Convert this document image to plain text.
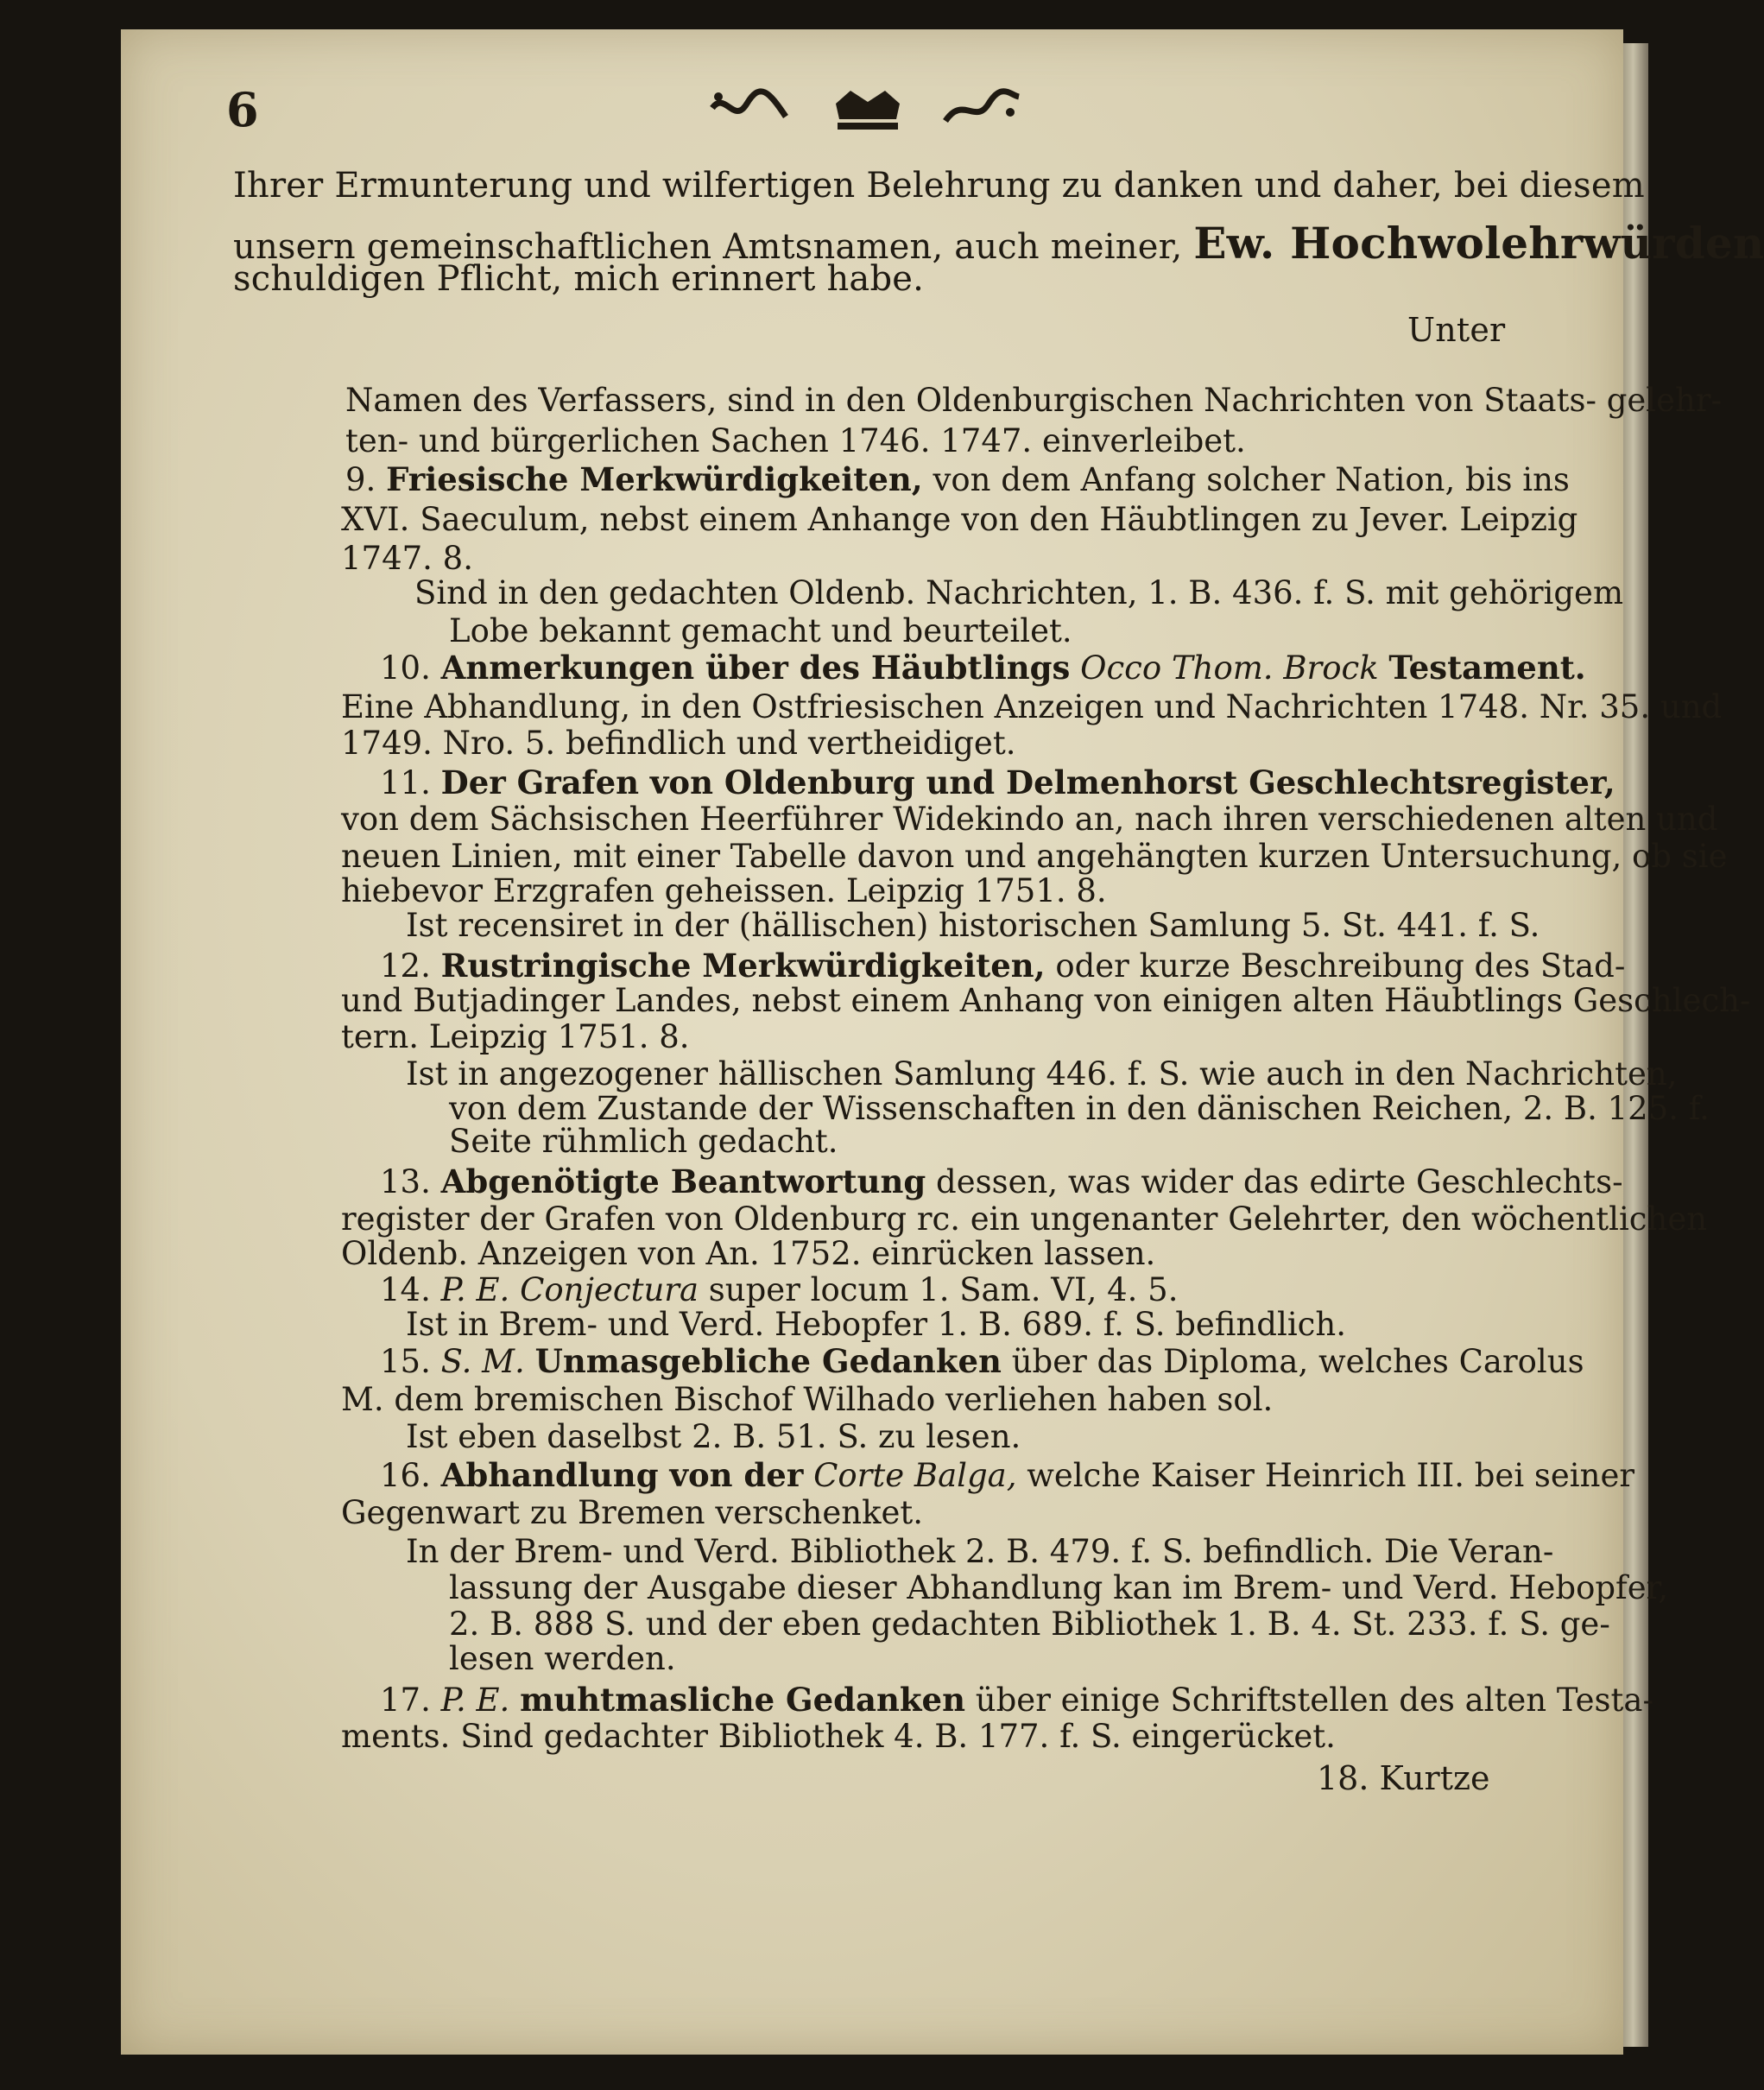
6
Ihrer Ermunterung und wilfertigen Belehrung zu danken und daher, bei diesem
unsern gemeinschaftlichen Amtsnamen, auch meiner, Ew. Hochwolehrwürden
schuldigen Pflicht, mich erinnert habe.
Unter
Namen des Verfassers, sind in den Oldenburgischen Nachrichten von Staats- gelehr-
ten- und bürgerlichen Sachen 1746. 1747. einverleibet.
9. Friesische Merkwürdigkeiten, von dem Anfang solcher Nation, bis ins
XVI. Saeculum, nebst einem Anhange von den Häubtlingen zu Jever. Leipzig
1747. 8.
Sind in den gedachten Oldenb. Nachrichten, 1. B. 436. f. S. mit gehörigem
Lobe bekannt gemacht und beurteilet.
10. Anmerkungen über des Häubtlings Occo Thom. Brock Testament.
Eine Abhandlung, in den Ostfriesischen Anzeigen und Nachrichten 1748. Nr. 35. und
1749. Nro. 5. befindlich und vertheidiget.
11. Der Grafen von Oldenburg und Delmenhorst Geschlechtsregister,
von dem Sächsischen Heerführer Widekindo an, nach ihren verschiedenen alten und
neuen Linien, mit einer Tabelle davon und angehängten kurzen Untersuchung, ob sie
hiebevor Erzgrafen geheissen. Leipzig 1751. 8.
Ist recensiret in der (hällischen) historischen Samlung 5. St. 441. f. S.
12. Rustringische Merkwürdigkeiten, oder kurze Beschreibung des Stad-
und Butjadinger Landes, nebst einem Anhang von einigen alten Häubtlings Geschlech-
tern. Leipzig 1751. 8.
Ist in angezogener hällischen Samlung 446. f. S. wie auch in den Nachrichten,
von dem Zustande der Wissenschaften in den dänischen Reichen, 2. B. 125. f.
Seite rühmlich gedacht.
13. Abgenötigte Beantwortung dessen, was wider das edirte Geschlechts-
register der Grafen von Oldenburg rc. ein ungenanter Gelehrter, den wöchentlichen
Oldenb. Anzeigen von An. 1752. einrücken lassen.
14. P. E. Conjectura super locum 1. Sam. VI, 4. 5.
Ist in Brem- und Verd. Hebopfer 1. B. 689. f. S. befindlich.
15. S. M. Unmasgebliche Gedanken über das Diploma, welches Carolus
M. dem bremischen Bischof Wilhado verliehen haben sol.
Ist eben daselbst 2. B. 51. S. zu lesen.
16. Abhandlung von der Corte Balga, welche Kaiser Heinrich III. bei seiner
Gegenwart zu Bremen verschenket.
In der Brem- und Verd. Bibliothek 2. B. 479. f. S. befindlich. Die Veran-
lassung der Ausgabe dieser Abhandlung kan im Brem- und Verd. Hebopfer,
2. B. 888 S. und der eben gedachten Bibliothek 1. B. 4. St. 233. f. S. ge-
lesen werden.
17. P. E. muhtmasliche Gedanken über einige Schriftstellen des alten Testa-
ments. Sind gedachter Bibliothek 4. B. 177. f. S. eingerücket.
18. Kurtze
